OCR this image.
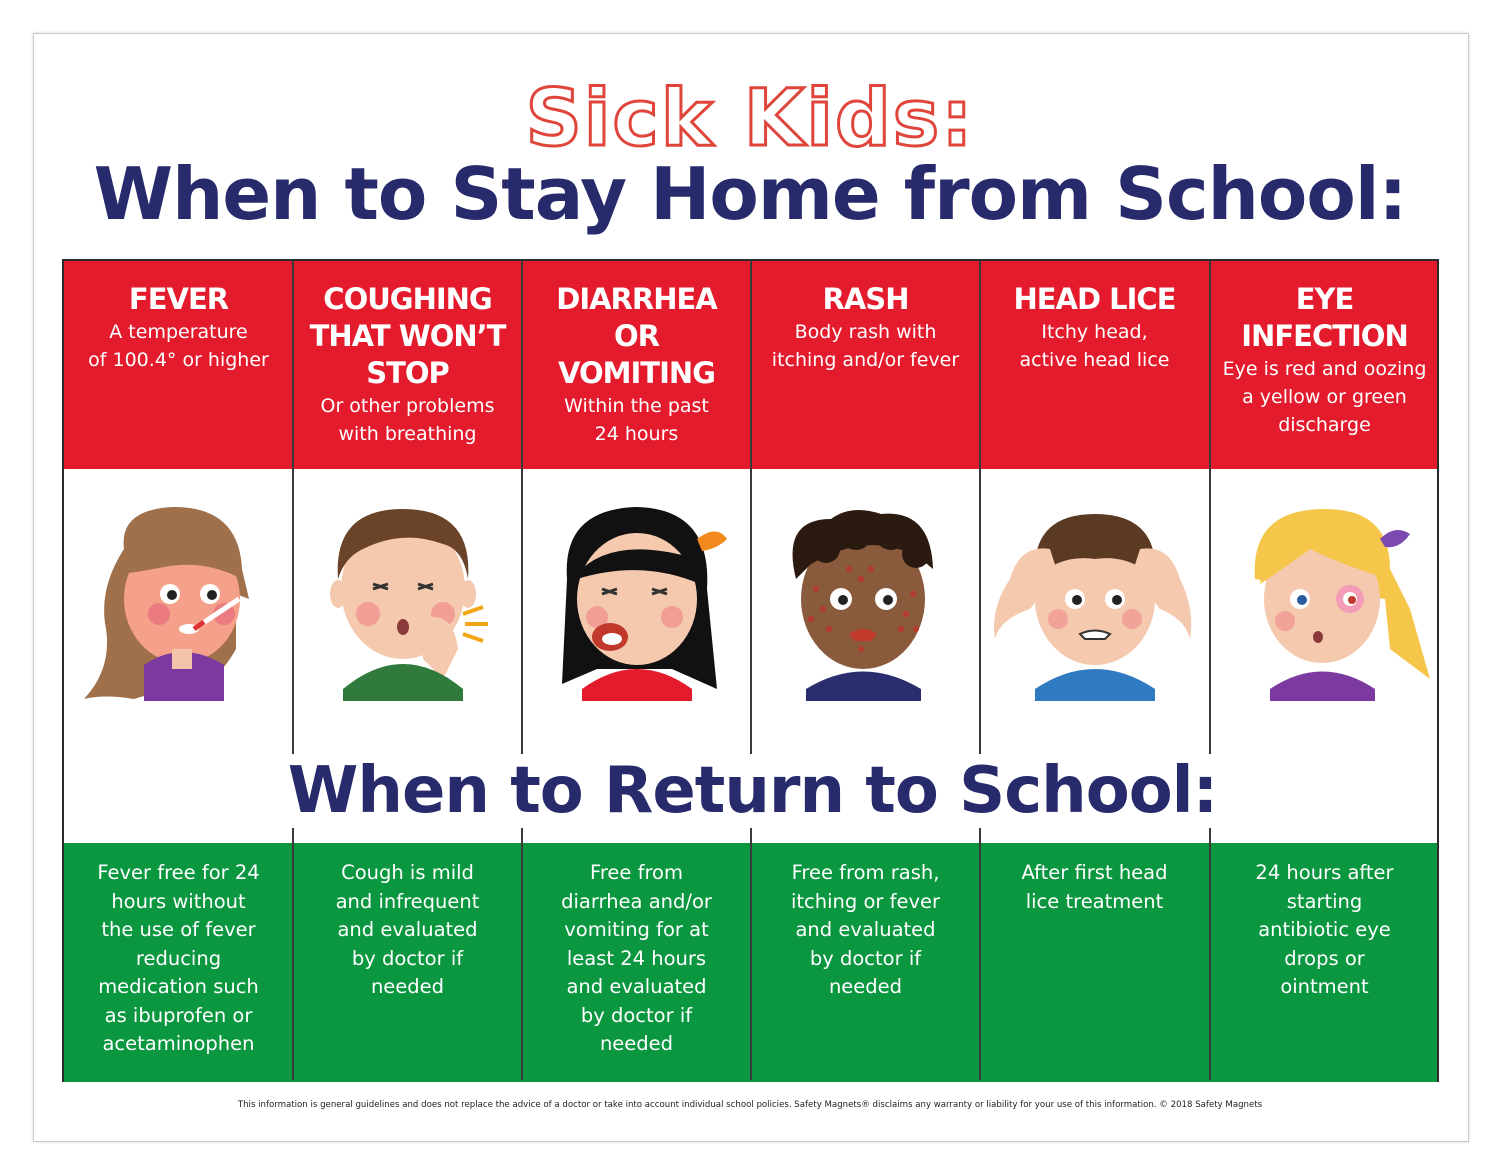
Sick Kids:
When to Stay Home from School:
FEVER
A temperature
of 100.4° or higher
COUGHING
THAT WON’T
STOP
Or other problems
with breathing
DIARRHEA
OR
VOMITING
Within the past
24 hours
RASH
Body rash with
itching and/or fever
HEAD LICE
Itchy head,
active head lice
EYE
INFECTION
Eye is red and oozing
a yellow or green
discharge
When to Return to School:
Fever free for 24
hours without
the use of fever
reducing
medication such
as ibuprofen or
acetaminophen
Cough is mild
and infrequent
and evaluated
by doctor if
needed
Free from
diarrhea and/or
vomiting for at
least 24 hours
and evaluated
by doctor if
needed
Free from rash,
itching or fever
and evaluated
by doctor if
needed
After first head
lice treatment
24 hours after
starting
antibiotic eye
drops or
ointment
This information is general guidelines and does not replace the advice of a doctor or take into account individual school policies. Safety Magnets® disclaims any warranty or liability for your use of this information. © 2018 Safety Magnets
